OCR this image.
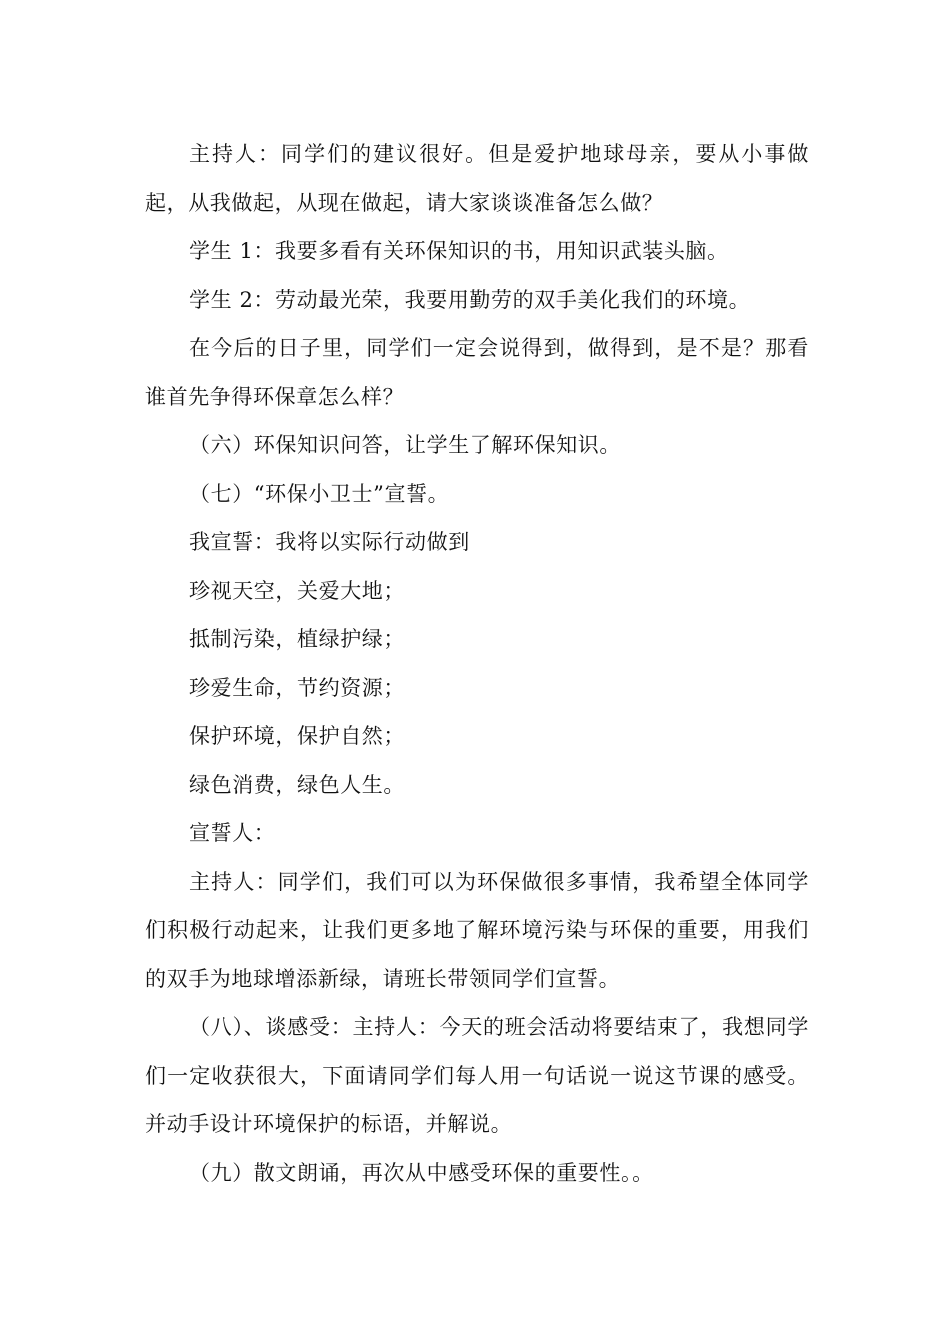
主持人：同学们的建议很好。但是爱护地球母亲，要从小事做起，从我做起，从现在做起，请大家谈谈准备怎么做？

学生 1：我要多看有关环保知识的书，用知识武装头脑。

学生 2：劳动最光荣，我要用勤劳的双手美化我们的环境。

在今后的日子里，同学们一定会说得到，做得到，是不是？那看谁首先争得环保章怎么样？

（六）环保知识问答，让学生了解环保知识。

（七）“环保小卫士”宣誓。

我宣誓：我将以实际行动做到

珍视天空，关爱大地；

抵制污染，植绿护绿；

珍爱生命，节约资源；

保护环境，保护自然；

绿色消费，绿色人生。

宣誓人：

主持人：同学们，我们可以为环保做很多事情，我希望全体同学们积极行动起来，让我们更多地了解环境污染与环保的重要，用我们的双手为地球增添新绿，请班长带领同学们宣誓。

（八）、谈感受：主持人：今天的班会活动将要结束了，我想同学们一定收获很大，下面请同学们每人用一句话说一说这节课的感受。并动手设计环境保护的标语，并解说。

（九）散文朗诵，再次从中感受环保的重要性。。
